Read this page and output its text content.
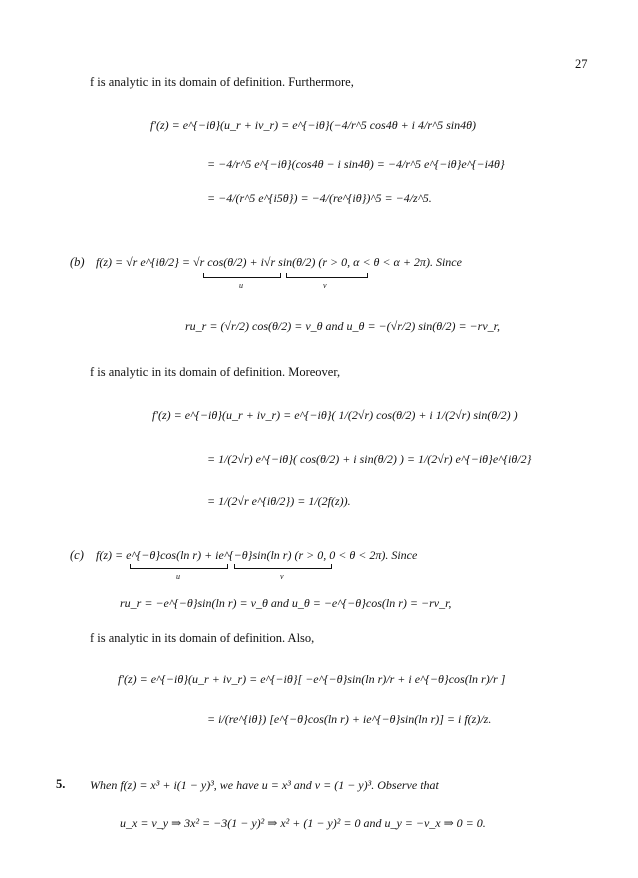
27
f is analytic in its domain of definition. Furthermore,
f′(z) = e^{−iθ}(u_r + iv_r) = e^{−iθ}(−4/r^5 cos4θ + i 4/r^5 sin4θ)
= −4/r^5 e^{−iθ}(cos4θ − i sin4θ) = −4/r^5 e^{−iθ}e^{−i4θ}
= −4/(r^5 e^{i5θ}) = −4/(re^{iθ})^5 = −4/z^5.
(b) f(z) = √r e^{iθ/2} = √r cos(θ/2) + i√r sin(θ/2) (r > 0, α < θ < α + 2π). Since
u	v
ru_r = (√r/2) cos(θ/2) = v_θ and u_θ = −(√r/2) sin(θ/2) = −rv_r,
f is analytic in its domain of definition. Moreover,
f′(z) = e^{−iθ}(u_r + iv_r) = e^{−iθ}( 1/(2√r) cos(θ/2) + i 1/(2√r) sin(θ/2) )
= 1/(2√r) e^{−iθ}( cos(θ/2) + i sin(θ/2) ) = 1/(2√r) e^{−iθ}e^{iθ/2}
= 1/(2√r e^{iθ/2}) = 1/(2f(z)).
(c) f(z) = e^{−θ}cos(ln r) + ie^{−θ}sin(ln r) (r > 0, 0 < θ < 2π). Since
u	v
ru_r = −e^{−θ}sin(ln r) = v_θ and u_θ = −e^{−θ}cos(ln r) = −rv_r,
f is analytic in its domain of definition. Also,
f′(z) = e^{−iθ}(u_r + iv_r) = e^{−iθ}[ −e^{−θ}sin(ln r)/r + i e^{−θ}cos(ln r)/r ]
= i/(re^{iθ}) [e^{−θ}cos(ln r) + ie^{−θ}sin(ln r)] = i f(z)/z.
5. When f(z) = x³ + i(1 − y)³, we have u = x³ and v = (1 − y)³. Observe that
u_x = v_y ⇒ 3x² = −3(1 − y)² ⇒ x² + (1 − y)² = 0 and u_y = −v_x ⇒ 0 = 0.
